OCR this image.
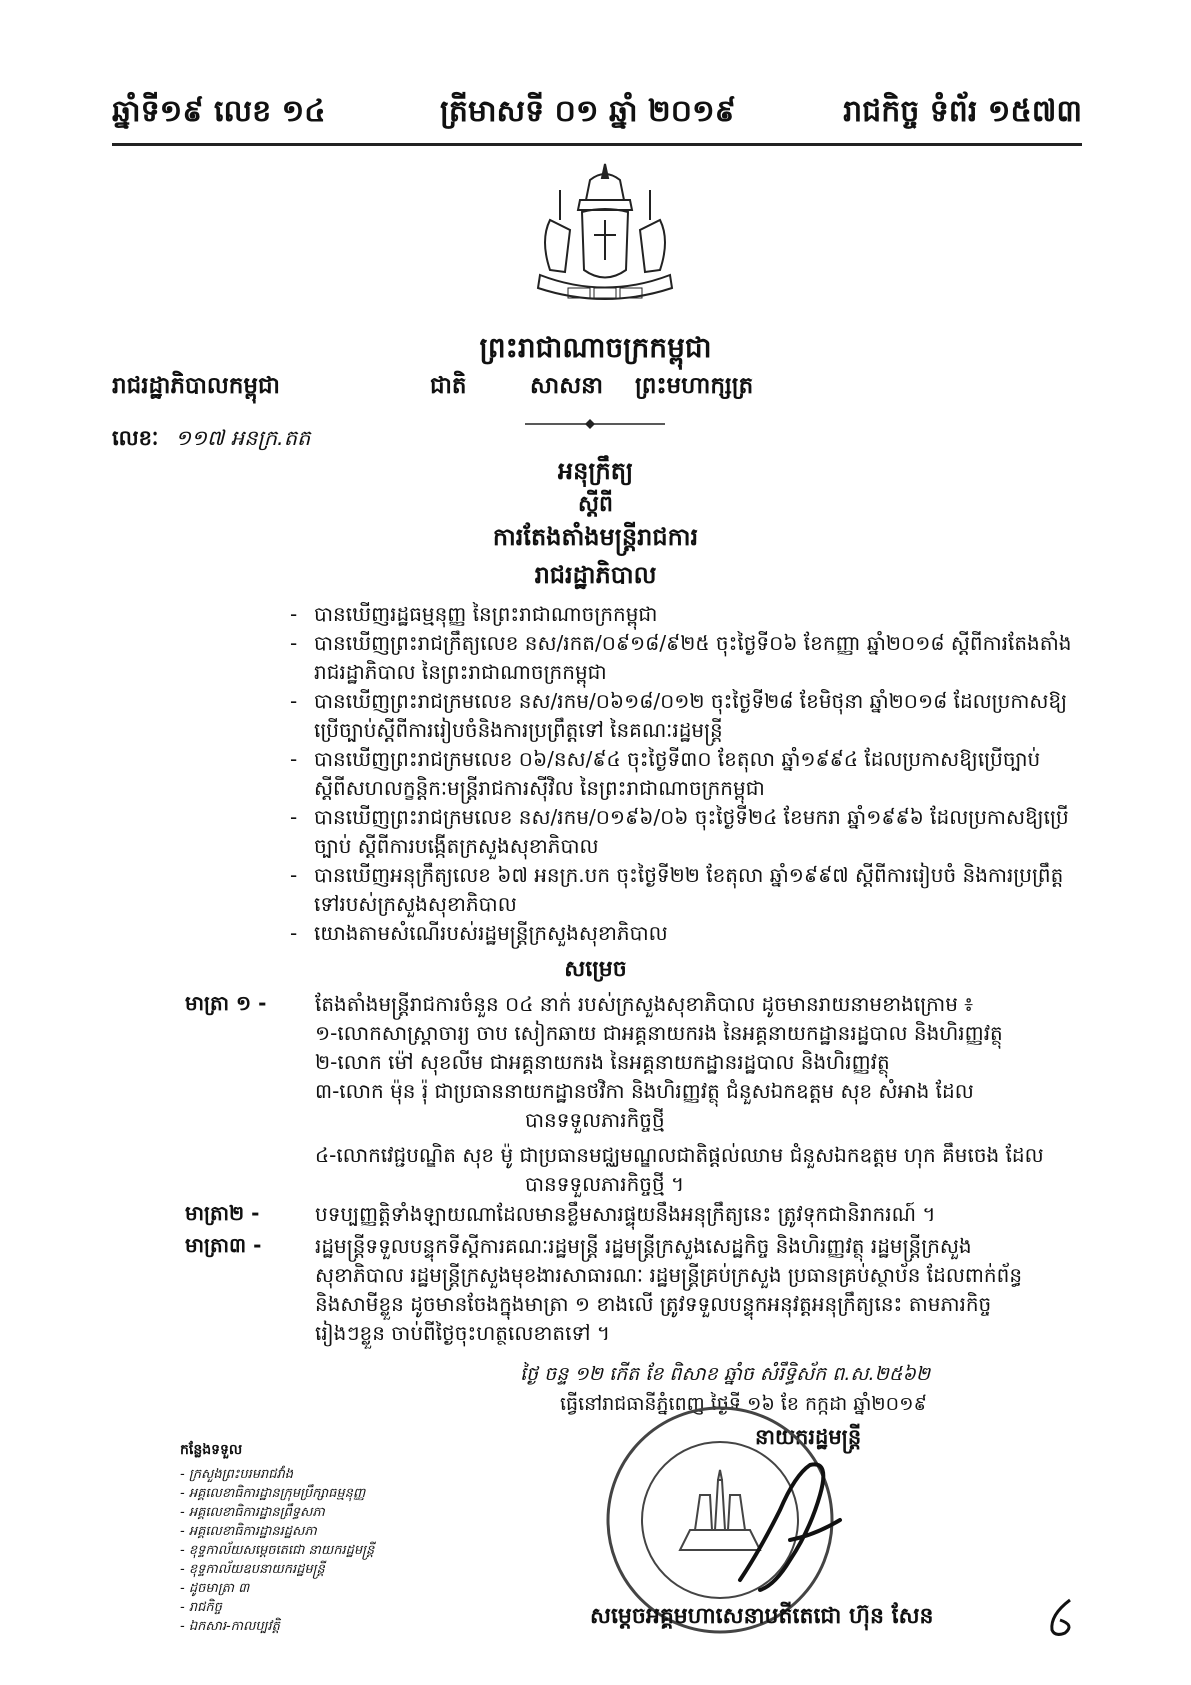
ឆ្នាំទី១៩ លេខ ១៤	ត្រីមាសទី ០១ ឆ្នាំ ២០១៩	រាជកិច្ច ទំព័រ ១៥៧៣
ព្រះរាជាណាចក្រកម្ពុជា
រាជរដ្ឋាភិបាលកម្ពុជា	ជាតិ	សាសនា ព្រះមហាក្សត្រ
លេខៈ ១១៧ អនក្រ.តត
អនុក្រឹត្យ
ស្តីពី
ការតែងតាំងមន្ត្រីរាជការ
រាជរដ្ឋាភិបាល
- បានឃើញរដ្ឋធម្មនុញ្ញ នៃព្រះរាជាណាចក្រកម្ពុជា
- បានឃើញព្រះរាជក្រឹត្យលេខ នស/រកត/០៩១៨/៩២៥ ចុះថ្ងៃទី០៦ ខែកញ្ញា ឆ្នាំ២០១៨ ស្តីពីការតែងតាំងរាជរដ្ឋាភិបាល នៃព្រះរាជាណាចក្រកម្ពុជា
- បានឃើញព្រះរាជក្រមលេខ នស/រកម/០៦១៨/០១២ ចុះថ្ងៃទី២៨ ខែមិថុនា ឆ្នាំ២០១៨ ដែលប្រកាសឱ្យប្រើច្បាប់ស្តីពីការរៀបចំនិងការប្រព្រឹត្តទៅ នៃគណៈរដ្ឋមន្ត្រី
- បានឃើញព្រះរាជក្រមលេខ ០៦/នស/៩៤ ចុះថ្ងៃទី៣០ ខែតុលា ឆ្នាំ១៩៩៤ ដែលប្រកាសឱ្យប្រើច្បាប់ស្តីពីសហលក្ខន្តិកៈមន្ត្រីរាជការស៊ីវិល នៃព្រះរាជាណាចក្រកម្ពុជា
- បានឃើញព្រះរាជក្រមលេខ នស/រកម/០១៩៦/០៦ ចុះថ្ងៃទី២៤ ខែមករា ឆ្នាំ១៩៩៦ ដែលប្រកាសឱ្យប្រើច្បាប់ ស្តីពីការបង្កើតក្រសួងសុខាភិបាល
- បានឃើញអនុក្រឹត្យលេខ ៦៧ អនក្រ.បក ចុះថ្ងៃទី២២ ខែតុលា ឆ្នាំ១៩៩៧ ស្តីពីការរៀបចំ និងការប្រព្រឹត្តទៅរបស់ក្រសួងសុខាភិបាល
- យោងតាមសំណើរបស់រដ្ឋមន្ត្រីក្រសួងសុខាភិបាល
សម្រេច
មាត្រា ១ - តែងតាំងមន្ត្រីរាជការចំនួន ០៤ នាក់ របស់ក្រសួងសុខាភិបាល ដូចមានរាយនាមខាងក្រោម ៖
១-លោកសាស្ត្រាចារ្យ ចាប សៀកឆាយ ជាអគ្គនាយករង នៃអគ្គនាយកដ្ឋានរដ្ឋបាល និងហិរញ្ញវត្ថុ
២-លោក ម៉ៅ សុខលីម ជាអគ្គនាយករង នៃអគ្គនាយកដ្ឋានរដ្ឋបាល និងហិរញ្ញវត្ថុ
៣-លោក ម៉ុន រ៉ុ ជាប្រធាននាយកដ្ឋានថវិកា និងហិរញ្ញវត្ថុ ជំនួសឯកឧត្តម សុខ សំអាង ដែល
បានទទួលភារកិច្ចថ្មី
៤-លោកវេជ្ជបណ្ឌិត សុខ ម៉ូ ជាប្រធានមជ្ឈមណ្ឌលជាតិផ្តល់ឈាម ជំនួសឯកឧត្តម ហុក គឹមចេង ដែល
បានទទួលភារកិច្ចថ្មី ។
មាត្រា២ -	បទប្បញ្ញត្តិទាំងឡាយណាដែលមានខ្លឹមសារផ្ទុយនឹងអនុក្រឹត្យនេះ ត្រូវទុកជានិរាករណ៍ ។
មាត្រា៣ -	រដ្ឋមន្ត្រីទទួលបន្ទុកទីស្តីការគណៈរដ្ឋមន្ត្រី រដ្ឋមន្ត្រីក្រសួងសេដ្ឋកិច្ច និងហិរញ្ញវត្ថុ រដ្ឋមន្ត្រីក្រសួង
សុខាភិបាល រដ្ឋមន្ត្រីក្រសួងមុខងារសាធារណៈ រដ្ឋមន្ត្រីគ្រប់ក្រសួង ប្រធានគ្រប់ស្ថាប័ន ដែលពាក់ព័ន្ធ
និងសាមីខ្លួន ដូចមានចែងក្នុងមាត្រា ១ ខាងលើ ត្រូវទទួលបន្ទុកអនុវត្តអនុក្រឹត្យនេះ តាមភារកិច្ច
រៀងៗខ្លួន ចាប់ពីថ្ងៃចុះហត្ថលេខាតទៅ ។
ថ្ងៃ ចន្ទ ១២ កើត ខែ ពិសាខ ឆ្នាំច សំរឹទ្ធិស័ក ព.ស.២៥៦២
ធ្វើនៅរាជធានីភ្នំពេញ ថ្ងៃទី ១៦ ខែ កក្កដា ឆ្នាំ២០១៩
នាយករដ្ឋមន្ត្រី
សម្តេចអគ្គមហាសេនាបតីតេជោ ហ៊ុន សែន
កន្លែងទទួល
- ក្រសួងព្រះបរមរាជវាំង
- អគ្គលេខាធិការដ្ឋានក្រុមប្រឹក្សាធម្មនុញ្ញ
- អគ្គលេខាធិការដ្ឋានព្រឹទ្ធសភា
- អគ្គលេខាធិការដ្ឋានរដ្ឋសភា
- ខុទ្ទកាល័យសម្តេចតេជោ នាយករដ្ឋមន្ត្រី
- ខុទ្ទកាល័យឧបនាយករដ្ឋមន្ត្រី
- ដូចមាត្រា ៣
- រាជកិច្ច
- ឯកសារ-កាលប្បវត្តិ
